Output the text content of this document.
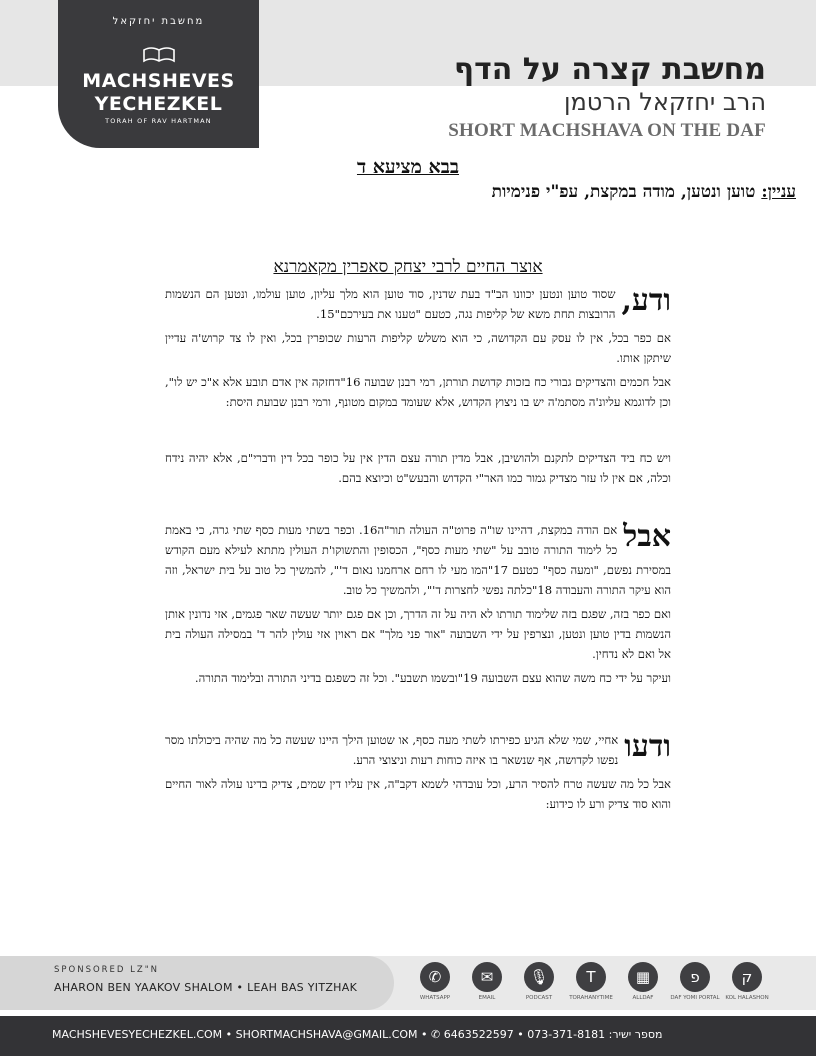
מחשבת יחזקאל
MACHSHEVES
YECHEZKEL
TORAH OF RAV HARTMAN
מחשבת קצרה על הדף
הרב יחזקאל הרטמן
SHORT MACHSHAVA ON THE DAF
בבא מציעא ד
עניין: טוען ונטען, מודה במקצת, עפ"י פנימיות
אוצר החיים לרבי יצחק סאפרין מקאמרנא

ודע,
שסוד טוען ונטען יכוונו הב"ד בעת שדנין, סוד טוען הוא מלך עליון, טוען עולמו, ונטען הם הנשמות הרובצות תחת משא של קליפות נגה, כטעם "טענו את בעירכם"15.

אם כפר בכל, אין לו עסק עם הקדושה, כי הוא משלש קליפות הרעות שכופרין בכל, ואין לו צד קרוש'ה עדיין שיתקן אותו.

אבל חכמים והצדיקים גבורי כח בזכות קדושת תורתן, רמי רבנן שבועה 16"דחזקה אין אדם תובע אלא א"כ יש לו", וכן לדוגמא עליונ'ה מסתמ'ה יש בו ניצוץ הקדוש, אלא שעומד במקום מטונף, ורמי רבנן שבועת היסת:

ויש כח ביד הצדיקים לתקנם ולהושיבן, אבל מדין תורה עצם הדין אין על כופר בכל דין ודברי"ם, אלא יהיה נידח וכלה, אם אין לו עזר מצדיק גמור כמו האר"י הקדוש והבעש"ט וכיוצא בהם.

אבל
אם הודה במקצת, דהיינו שו"ה פרוט"ה העולה תור"ה16. וכפר בשתי מעות כסף שתי גרה, כי באמת כל לימוד התורה טובב על "שתי מעות כסף", הכסופין והתשוקו'ת העולין מתתא לעילא מעם הקודש במסירת נפשם, "ומעה כסף" כטעם 17"המו מעי לו רחם ארחמנו נאום ד'", להמשיך כל טוב על בית ישראל, וזה הוא עיקר התורה והעבודה 18"כלתה נפשי לחצרות ד'", ולהמשיך כל טוב.

ואם כפר בזה, שפגם בזה שלימוד תורתו לא היה על זה הדרך, וכן אם פגם יותר שעשה שאר פגמים, אזי נדונין אותן הנשמות בדין טוען ונטען, ונצרפין על ידי השבועה "אור פני מלך" אם ראוין אזי עולין להר ד' במסילה העולה בית אל ואם לא נדחין.

ועיקר על ידי כח משה שהוא עצם השבועה 19"ובשמו תשבע". וכל זה כשפגם בדיני התורה ובלימוד התורה.

ודעו
אחיי, שמי שלא הגיע כפירתו לשתי מעה כסף, או שטוען הילך היינו שעשה כל מה שהיה ביכולתו מסר נפשו לקדושה, אף שנשאר בו איזה כוחות רעות וניצוצי הרע.

אבל כל מה שעשה טרח להסיר הרע, וכל עובדהי לשמא דקב"ה, אין עליו דין שמים, צדיק בדינו עולה לאור החיים והוא סוד צדיק ורע לו כידוע:

SPONSORED LZ"N
AHARON BEN YAAKOV SHALOM • LEAH BAS YITZHAK
✆
WHATSAPP
✉
EMAIL
🎙
PODCAST
T
TORAHANYTIME
▦
ALLDAF
פ
DAF YOMI PORTAL
ק
KOL HALASHON
MACHSHEVESYECHEZKEL.COM • SHORTMACHSHAVA@GMAIL.COM • ✆ 6463522597 • 073-371-8181 :מספר ישיר
